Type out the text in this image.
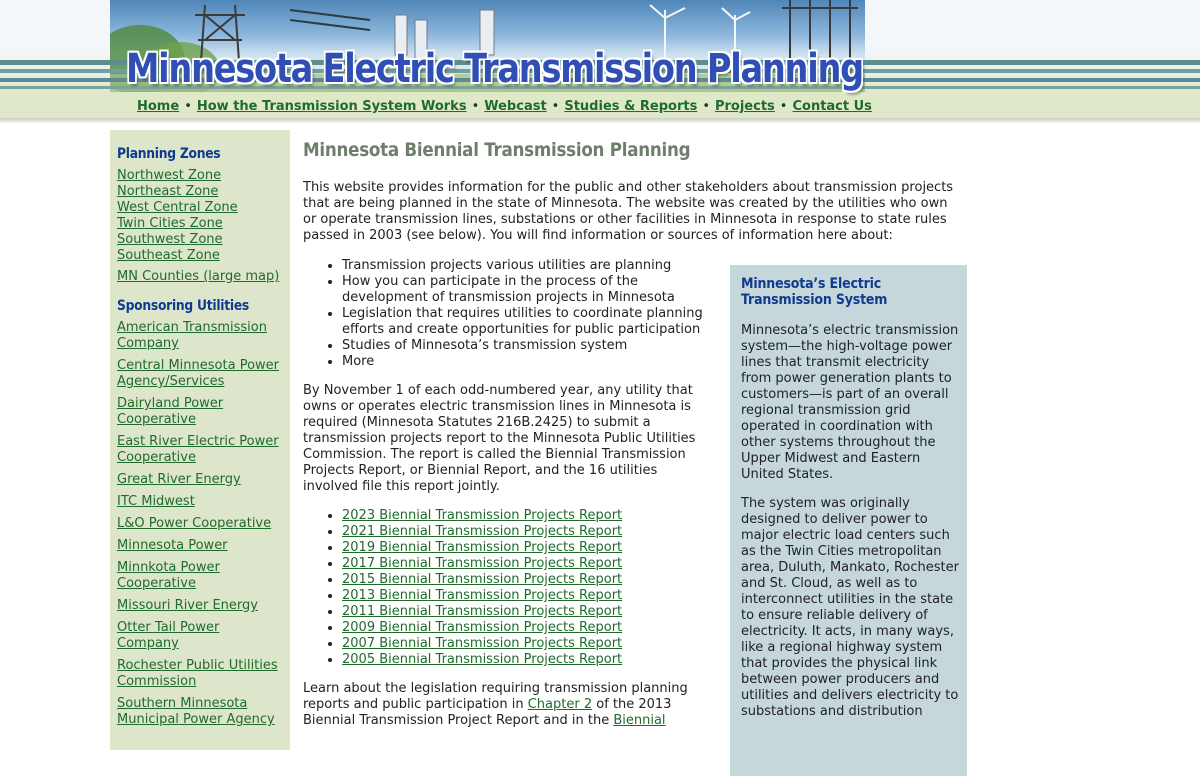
Minnesota Electric Transmission Planning
Home • How the Transmission System Works • Webcast • Studies & Reports • Projects • Contact Us
Planning Zones
Northwest Zone
Northeast Zone
West Central Zone
Twin Cities Zone
Southwest Zone
Southeast Zone
MN Counties (large map)
Sponsoring Utilities
American Transmission Company
Central Minnesota Power Agency/Services
Dairyland Power Cooperative
East River Electric Power Cooperative
Great River Energy
ITC Midwest
L&O Power Cooperative
Minnesota Power
Minnkota Power Cooperative
Missouri River Energy
Otter Tail Power Company
Rochester Public Utilities Commission
Southern Minnesota Municipal Power Agency
Minnesota Biennial Transmission Planning

This website provides information for the public and other stakeholders about transmission projects that are being planned in the state of Minnesota. The website was created by the utilities who own or operate transmission lines, substations or other facilities in Minnesota in response to state rules passed in 2003 (see below). You will find information or sources of information here about:

• Transmission projects various utilities are planning
• How you can participate in the process of the development of transmission projects in Minnesota
• Legislation that requires utilities to coordinate planning efforts and create opportunities for public participation
• Studies of Minnesota’s transmission system
• More

By November 1 of each odd-numbered year, any utility that owns or operates electric transmission lines in Minnesota is required (Minnesota Statutes 216B.2425) to submit a transmission projects report to the Minnesota Public Utilities Commission. The report is called the Biennial Transmission Projects Report, or Biennial Report, and the 16 utilities involved file this report jointly.

• 2023 Biennial Transmission Projects Report
• 2021 Biennial Transmission Projects Report
• 2019 Biennial Transmission Projects Report
• 2017 Biennial Transmission Projects Report
• 2015 Biennial Transmission Projects Report
• 2013 Biennial Transmission Projects Report
• 2011 Biennial Transmission Projects Report
• 2009 Biennial Transmission Projects Report
• 2007 Biennial Transmission Projects Report
• 2005 Biennial Transmission Projects Report

Learn about the legislation requiring transmission planning reports and public participation in Chapter 2 of the 2013 Biennial Transmission Project Report and in the Biennial

Minnesota’s Electric Transmission System

Minnesota’s electric transmission system—the high-voltage power lines that transmit electricity from power generation plants to customers—is part of an overall regional transmission grid operated in coordination with other systems throughout the Upper Midwest and Eastern United States.

The system was originally designed to deliver power to major electric load centers such as the Twin Cities metropolitan area, Duluth, Mankato, Rochester and St. Cloud, as well as to interconnect utilities in the state to ensure reliable delivery of electricity. It acts, in many ways, like a regional highway system that provides the physical link between power producers and utilities and delivers electricity to substations and distribution
